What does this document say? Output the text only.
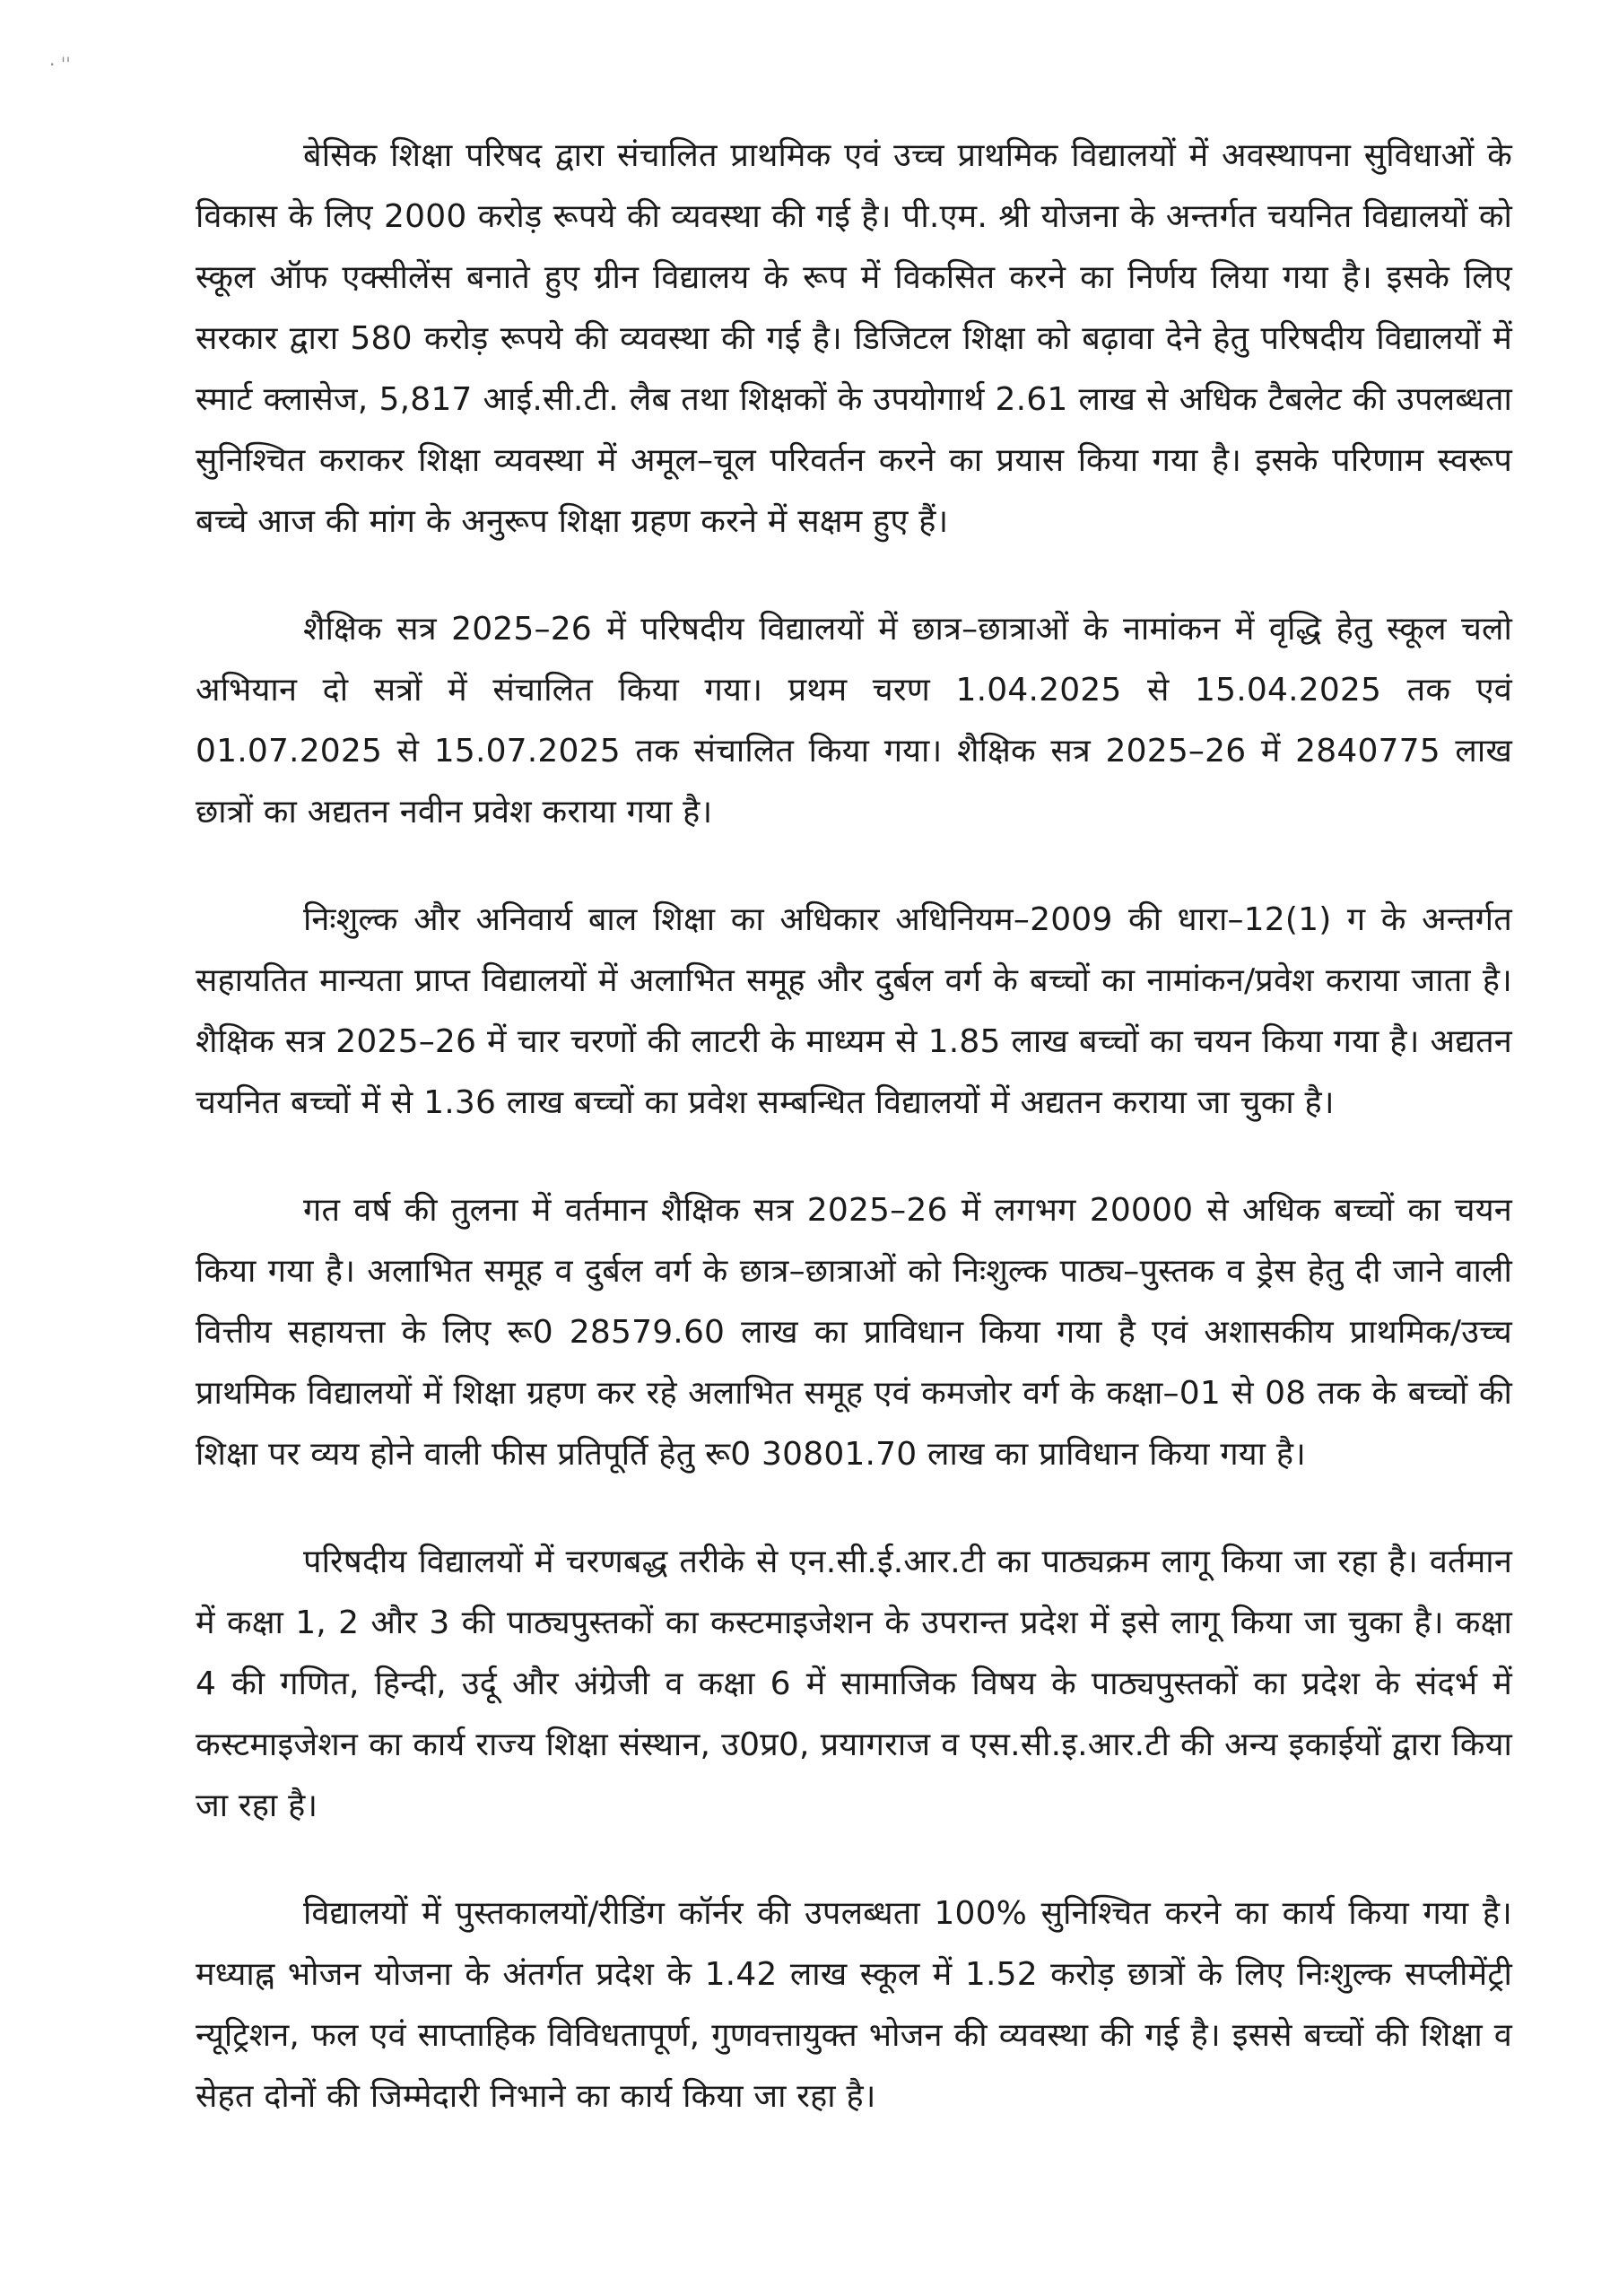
· ˈˈ

बेसिक शिक्षा परिषद द्वारा संचालित प्राथमिक एवं उच्च प्राथमिक विद्यालयों में अवस्थापना सुविधाओं के विकास के लिए 2000 करोड़ रूपये की व्यवस्था की गई है। पी.एम. श्री योजना के अन्तर्गत चयनित विद्यालयों को स्कूल ऑफ एक्सीलेंस बनाते हुए ग्रीन विद्यालय के रूप में विकसित करने का निर्णय लिया गया है। इसके लिए सरकार द्वारा 580 करोड़ रूपये की व्यवस्था की गई है। डिजिटल शिक्षा को बढ़ावा देने हेतु परिषदीय विद्यालयों में स्मार्ट क्लासेज, 5,817 आई.सी.टी. लैब तथा शिक्षकों के उपयोगार्थ 2.61 लाख से अधिक टैबलेट की उपलब्धता सुनिश्चित कराकर शिक्षा व्यवस्था में अमूल–चूल परिवर्तन करने का प्रयास किया गया है। इसके परिणाम स्वरूप बच्चे आज की मांग के अनुरूप शिक्षा ग्रहण करने में सक्षम हुए हैं।

शैक्षिक सत्र 2025–26 में परिषदीय विद्यालयों में छात्र–छात्राओं के नामांकन में वृद्धि हेतु स्कूल चलो अभियान दो सत्रों में संचालित किया गया। प्रथम चरण 1.04.2025 से 15.04.2025 तक एवं 01.07.2025 से 15.07.2025 तक संचालित किया गया। शैक्षिक सत्र 2025–26 में 2840775 लाख छात्रों का अद्यतन नवीन प्रवेश कराया गया है।

निःशुल्क और अनिवार्य बाल शिक्षा का अधिकार अधिनियम–2009 की धारा–12(1) ग के अन्तर्गत सहायतित मान्यता प्राप्त विद्यालयों में अलाभित समूह और दुर्बल वर्ग के बच्चों का नामांकन/प्रवेश कराया जाता है। शैक्षिक सत्र 2025–26 में चार चरणों की लाटरी के माध्यम से 1.85 लाख बच्चों का चयन किया गया है। अद्यतन चयनित बच्चों में से 1.36 लाख बच्चों का प्रवेश सम्बन्धित विद्यालयों में अद्यतन कराया जा चुका है।

गत वर्ष की तुलना में वर्तमान शैक्षिक सत्र 2025–26 में लगभग 20000 से अधिक बच्चों का चयन किया गया है। अलाभित समूह व दुर्बल वर्ग के छात्र–छात्राओं को निःशुल्क पाठ्य–पुस्तक व ड्रेस हेतु दी जाने वाली वित्तीय सहायत्ता के लिए रू0 28579.60 लाख का प्राविधान किया गया है एवं अशासकीय प्राथमिक/उच्च प्राथमिक विद्यालयों में शिक्षा ग्रहण कर रहे अलाभित समूह एवं कमजोर वर्ग के कक्षा–01 से 08 तक के बच्चों की शिक्षा पर व्यय होने वाली फीस प्रतिपूर्ति हेतु रू0 30801.70 लाख का प्राविधान किया गया है।

परिषदीय विद्यालयों में चरणबद्ध तरीके से एन.सी.ई.आर.टी का पाठ्यक्रम लागू किया जा रहा है। वर्तमान में कक्षा 1, 2 और 3 की पाठ्यपुस्तकों का कस्टमाइजेशन के उपरान्त प्रदेश में इसे लागू किया जा चुका है। कक्षा 4 की गणित, हिन्दी, उर्दू और अंग्रेजी व कक्षा 6 में सामाजिक विषय के पाठ्यपुस्तकों का प्रदेश के संदर्भ में कस्टमाइजेशन का कार्य राज्य शिक्षा संस्थान, उ0प्र0, प्रयागराज व एस.सी.इ.आर.टी की अन्य इकाईयों द्वारा किया जा रहा है।

विद्यालयों में पुस्तकालयों/रीडिंग कॉर्नर की उपलब्धता 100% सुनिश्चित करने का कार्य किया गया है। मध्याह्न भोजन योजना के अंतर्गत प्रदेश के 1.42 लाख स्कूल में 1.52 करोड़ छात्रों के लिए निःशुल्क सप्लीमेंट्री न्यूट्रिशन, फल एवं साप्ताहिक विविधतापूर्ण, गुणवत्तायुक्त भोजन की व्यवस्था की गई है। इससे बच्चों की शिक्षा व सेहत दोनों की जिम्मेदारी निभाने का कार्य किया जा रहा है।
